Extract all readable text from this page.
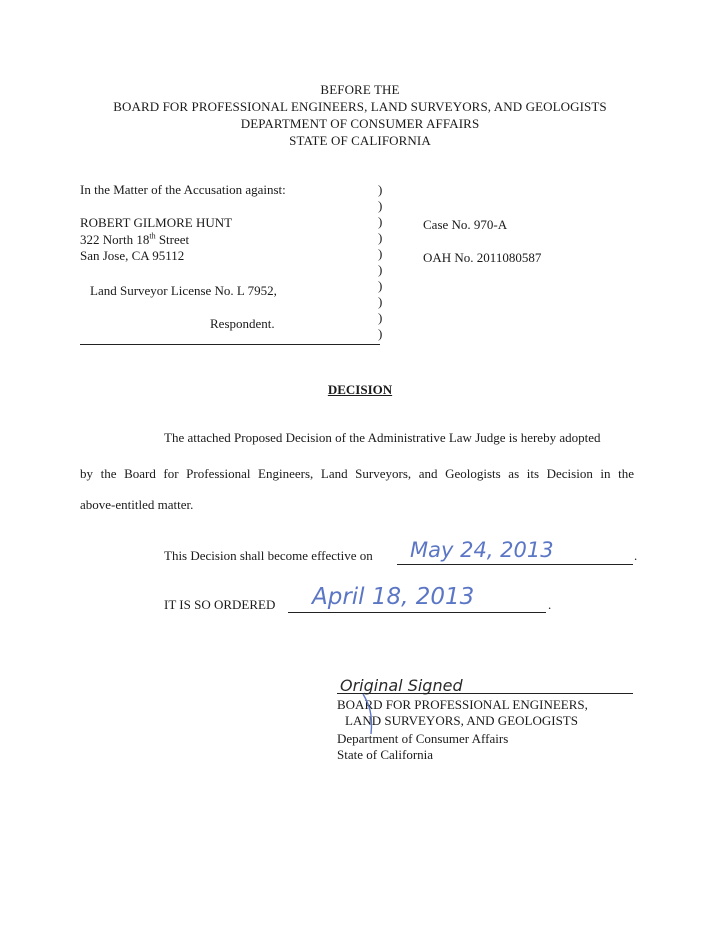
BEFORE THE
BOARD FOR PROFESSIONAL ENGINEERS, LAND SURVEYORS, AND GEOLOGISTS
DEPARTMENT OF CONSUMER AFFAIRS
STATE OF CALIFORNIA
In the Matter of the Accusation against:
ROBERT GILMORE HUNT
322 North 18th Street
San Jose, CA 95112
Land Surveyor License No. L 7952,
Respondent.
)
)
)
)
)
)
)
)
)
)
Case No. 970-A
OAH No. 2011080587
DECISION
The attached Proposed Decision of the Administrative Law Judge is hereby adopted
by the Board for Professional Engineers, Land Surveyors, and Geologists as its Decision in the
above-entitled matter.
This Decision shall become effective on May 24, 2013	.
IT IS SO ORDERED April 18, 2013	.
Original Signed
BOARD FOR PROFESSIONAL ENGINEERS,
LAND SURVEYORS, AND GEOLOGISTS
Department of Consumer Affairs
State of California
